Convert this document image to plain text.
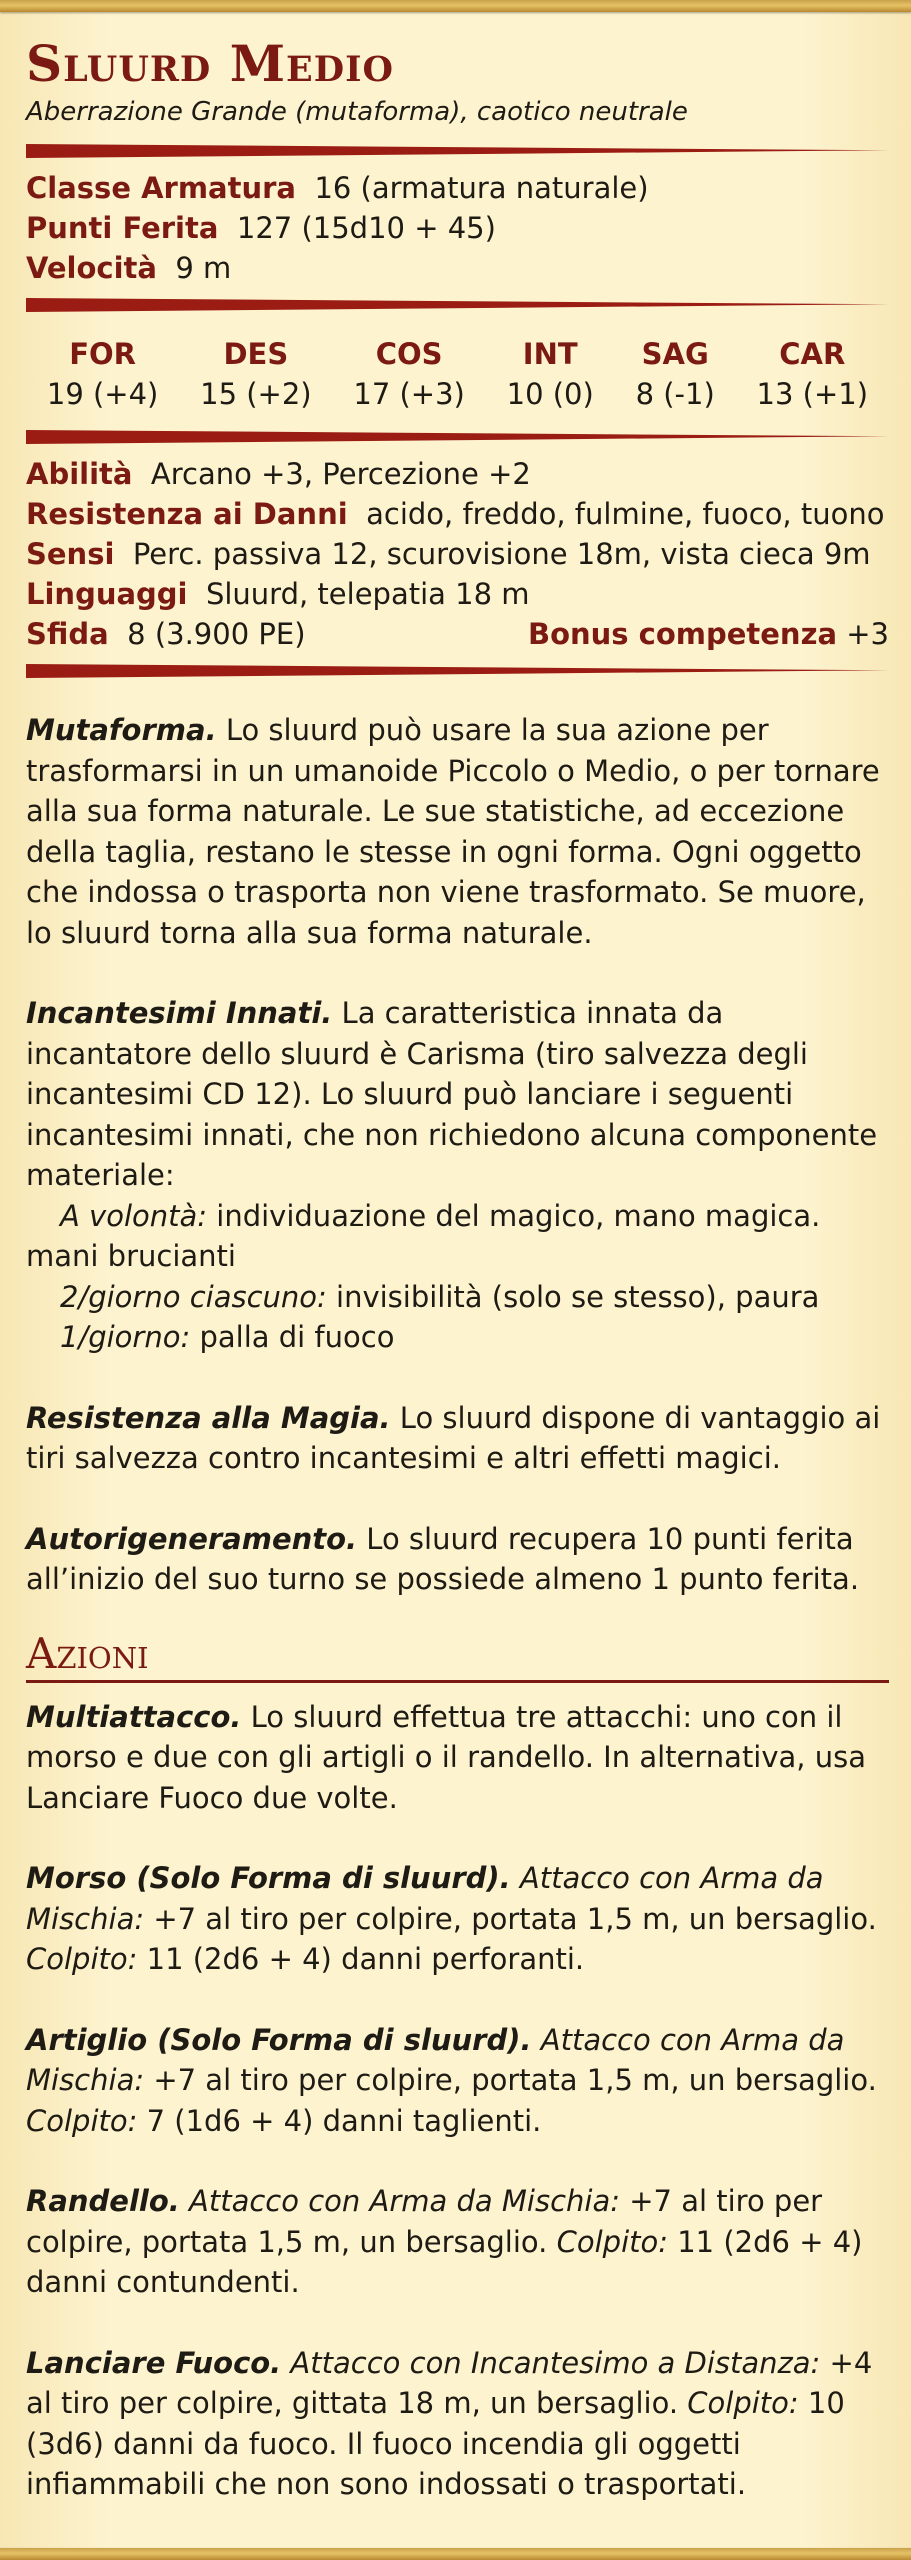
Sluurd Medio
Aberrazione Grande (mutaforma), caotico neutrale
Classe Armatura 16 (armatura naturale)
Punti Ferita 127 (15d10 + 45)
Velocità 9 m
FOR
19 (+4)
DES
15 (+2)
COS
17 (+3)
INT
10 (0)
SAG
8 (-1)
CAR
13 (+1)
Abilità Arcano +3, Percezione +2
Resistenza ai Danni acido, freddo, fulmine, fuoco, tuono
Sensi Perc. passiva 12, scurovisione 18m, vista cieca 9m
Linguaggi Sluurd, telepatia 18 m
Sfida 8 (3.900 PE)	Bonus competenza +3
Mutaforma. Lo sluurd può usare la sua azione per trasformarsi in un umanoide Piccolo o Medio, o per tornare alla sua forma naturale. Le sue statistiche, ad eccezione della taglia, restano le stesse in ogni forma. Ogni oggetto che indossa o trasporta non viene trasformato. Se muore, lo sluurd torna alla sua forma naturale.
Incantesimi Innati. La caratteristica innata da incantatore dello sluurd è Carisma (tiro salvezza degli incantesimi CD 12). Lo sluurd può lanciare i seguenti incantesimi innati, che non richiedono alcuna componente materiale:
A volontà: individuazione del magico, mano magica. mani brucianti
2/giorno ciascuno: invisibilità (solo se stesso), paura
1/giorno: palla di fuoco
Resistenza alla Magia. Lo sluurd dispone di vantaggio ai tiri salvezza contro incantesimi e altri effetti magici.
Autorigeneramento. Lo sluurd recupera 10 punti ferita all’inizio del suo turno se possiede almeno 1 punto ferita.
Azioni
Multiattacco. Lo sluurd effettua tre attacchi: uno con il morso e due con gli artigli o il randello. In alternativa, usa Lanciare Fuoco due volte.
Morso (Solo Forma di sluurd). Attacco con Arma da Mischia: +7 al tiro per colpire, portata 1,5 m, un bersaglio. Colpito: 11 (2d6 + 4) danni perforanti.
Artiglio (Solo Forma di sluurd). Attacco con Arma da Mischia: +7 al tiro per colpire, portata 1,5 m, un bersaglio. Colpito: 7 (1d6 + 4) danni taglienti.
Randello. Attacco con Arma da Mischia: +7 al tiro per colpire, portata 1,5 m, un bersaglio. Colpito: 11 (2d6 + 4) danni contundenti.
Lanciare Fuoco. Attacco con Incantesimo a Distanza: +4 al tiro per colpire, gittata 18 m, un bersaglio. Colpito: 10 (3d6) danni da fuoco. Il fuoco incendia gli oggetti infiammabili che non sono indossati o trasportati.
